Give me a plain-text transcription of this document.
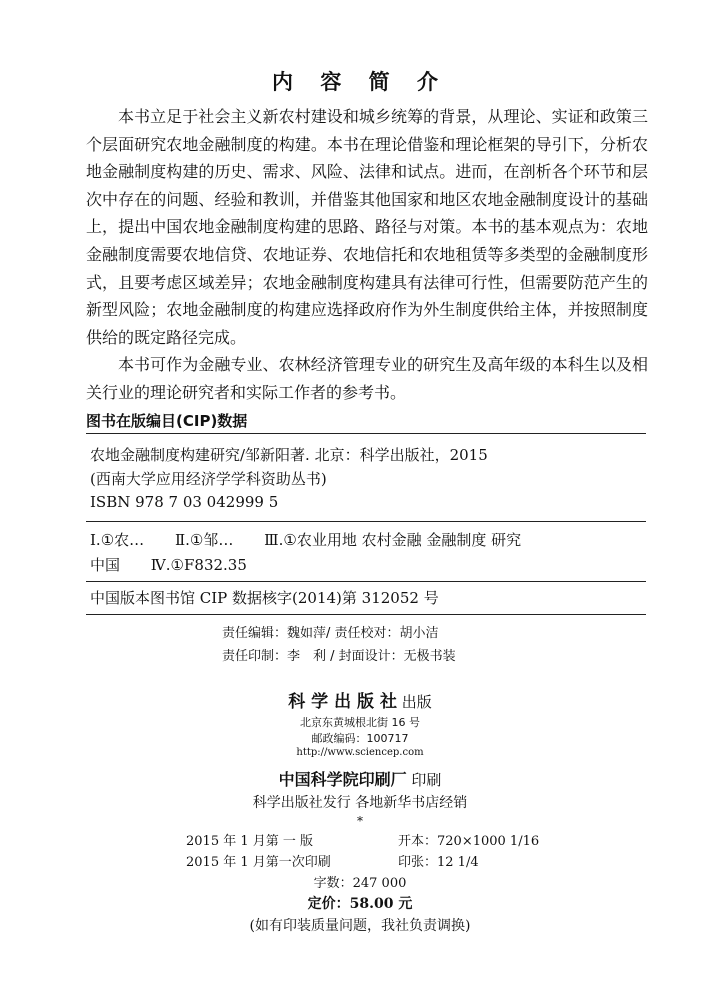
内 容 简 介

本书立足于社会主义新农村建设和城乡统筹的背景，从理论、实证和政策三个层面研究农地金融制度的构建。本书在理论借鉴和理论框架的导引下，分析农地金融制度构建的历史、需求、风险、法律和试点。进而，在剖析各个环节和层次中存在的问题、经验和教训，并借鉴其他国家和地区农地金融制度设计的基础上，提出中国农地金融制度构建的思路、路径与对策。本书的基本观点为：农地金融制度需要农地信贷、农地证券、农地信托和农地租赁等多类型的金融制度形式，且要考虑区域差异；农地金融制度构建具有法律可行性，但需要防范产生的新型风险；农地金融制度的构建应选择政府作为外生制度供给主体，并按照制度供给的既定路径完成。

本书可作为金融专业、农林经济管理专业的研究生及高年级的本科生以及相关行业的理论研究者和实际工作者的参考书。

图书在版编目(CIP)数据
农地金融制度构建研究/邹新阳著. 北京：科学出版社，2015
(西南大学应用经济学学科资助丛书)
ISBN 978 7 03 042999 5
Ⅰ.①农… Ⅱ.①邹… Ⅲ.①农业用地 农村金融 金融制度 研究
中国 Ⅳ.①F832.35
中国版本图书馆 CIP 数据核字(2014)第 312052 号
责任编辑：魏如萍/ 责任校对：胡小洁
责任印制：李　利 / 封面设计：无极书装
科 学 出 版 社 出版
北京东黄城根北街 16 号
邮政编码：100717
http://www.sciencep.com
中国科学院印刷厂 印刷
科学出版社发行 各地新华书店经销
*
2015 年 1 月第 一 版	开本：720×1000 1/16
2015 年 1 月第一次印刷	印张：12 1/4
字数：247 000
定价：58.00 元
(如有印装质量问题，我社负责调换)
